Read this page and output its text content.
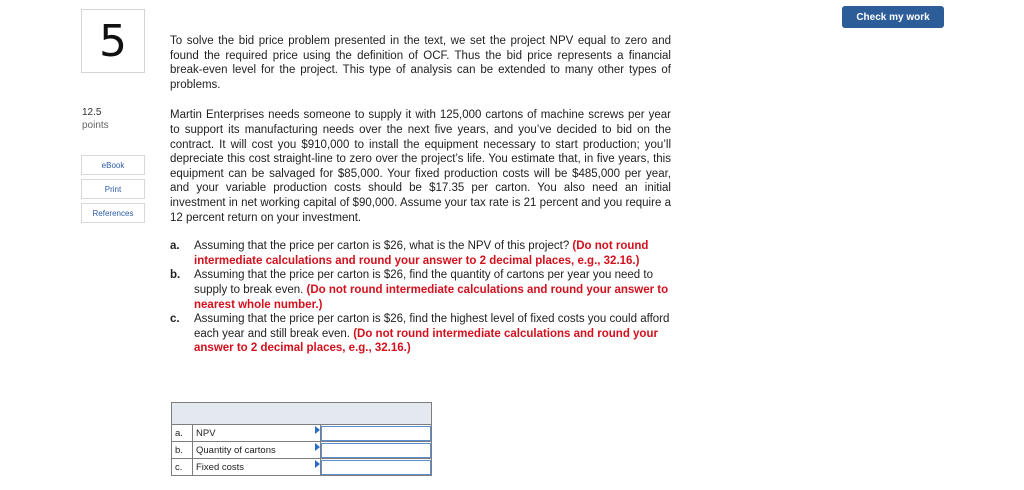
Check my work
5
12.5
points
eBook
Print
References

To solve the bid price problem presented in the text, we set the project NPV equal to zero and found the required price using the definition of OCF. Thus the bid price represents a financial break-even level for the project. This type of analysis can be extended to many other types of problems.

Martin Enterprises needs someone to supply it with 125,000 cartons of machine screws per year to support its manufacturing needs over the next five years, and you’ve decided to bid on the contract. It will cost you $910,000 to install the equipment necessary to start production; you’ll depreciate this cost straight-line to zero over the project’s life. You estimate that, in five years, this equipment can be salvaged for $85,000. Your fixed production costs will be $485,000 per year, and your variable production costs should be $17.35 per carton. You also need an initial investment in net working capital of $90,000. Assume your tax rate is 21 percent and you require a 12 percent return on your investment.

a.	Assuming that the price per carton is $26, what is the NPV of this project? (Do not round intermediate calculations and round your answer to 2 decimal places, e.g., 32.16.)
b.	Assuming that the price per carton is $26, find the quantity of cartons per year you need to supply to break even. (Do not round intermediate calculations and round your answer to nearest whole number.)
c.	Assuming that the price per carton is $26, find the highest level of fixed costs you could afford each year and still break even. (Do not round intermediate calculations and round your answer to 2 decimal places, e.g., 32.16.)

a.	NPV

b.	Quantity of cartons

c.	Fixed costs
